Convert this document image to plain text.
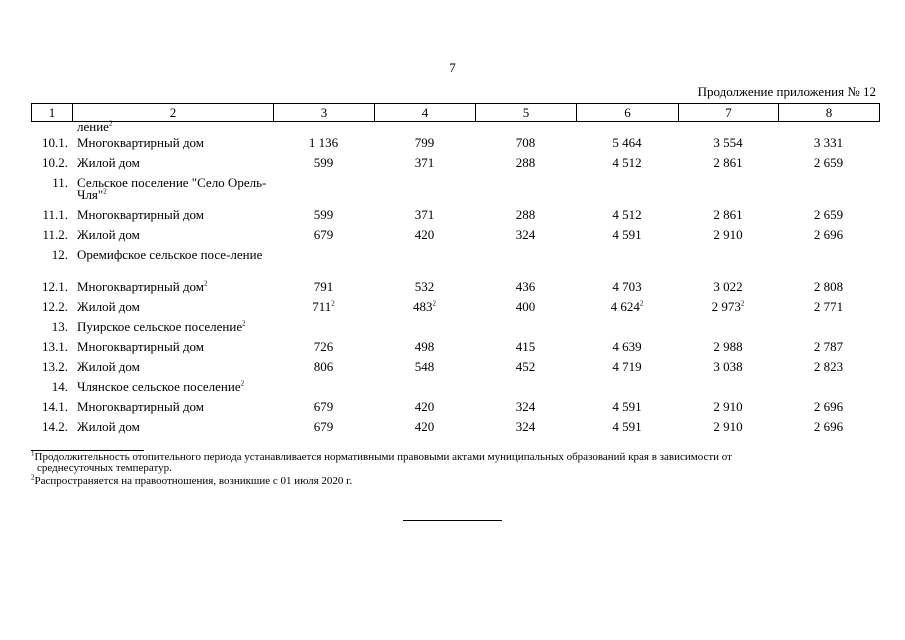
7
Продолжение приложения № 12
1	2	3	4	5	6	7	8
	ление$^2$						
10.1.	Многоквартирный дом	1 136	799	708	5 464	3 554	3 331
10.2.	Жилой дом	599	371	288	4 512	2 861	2 659
11.	Сельское поселение "Село Орель-Чля"$^2$						
11.1.	Многоквартирный дом	599	371	288	4 512	2 861	2 659
11.2.	Жилой дом	679	420	324	4 591	2 910	2 696
12.	Оремифское сельское посе-ление						
12.1.	Многоквартирный дом$^2$	791	532	436	4 703	3 022	2 808
12.2.	Жилой дом	$711^2$	$483^2$	400	4 $624^2$	2 $973^2$	2 771
13.	Пуирское сельское поселение$^2$						
13.1.	Многоквартирный дом	726	498	415	4 639	2 988	2 787
13.2.	Жилой дом	806	548	452	4 719	3 038	2 823
14.	Члянское сельское поселение$^2$						
14.1.	Многоквартирный дом	679	420	324	4 591	2 910	2 696
14.2.	Жилой дом	679	420	324	4 591	2 910	2 696

$^1$Продолжительность отопительного периода устанавливается нормативными правовыми актами муниципальных образований края в зависимости от
среднесуточных температур.

$^2$Распространяется на правоотношения, возникшие с 01 июля 2020 г.
